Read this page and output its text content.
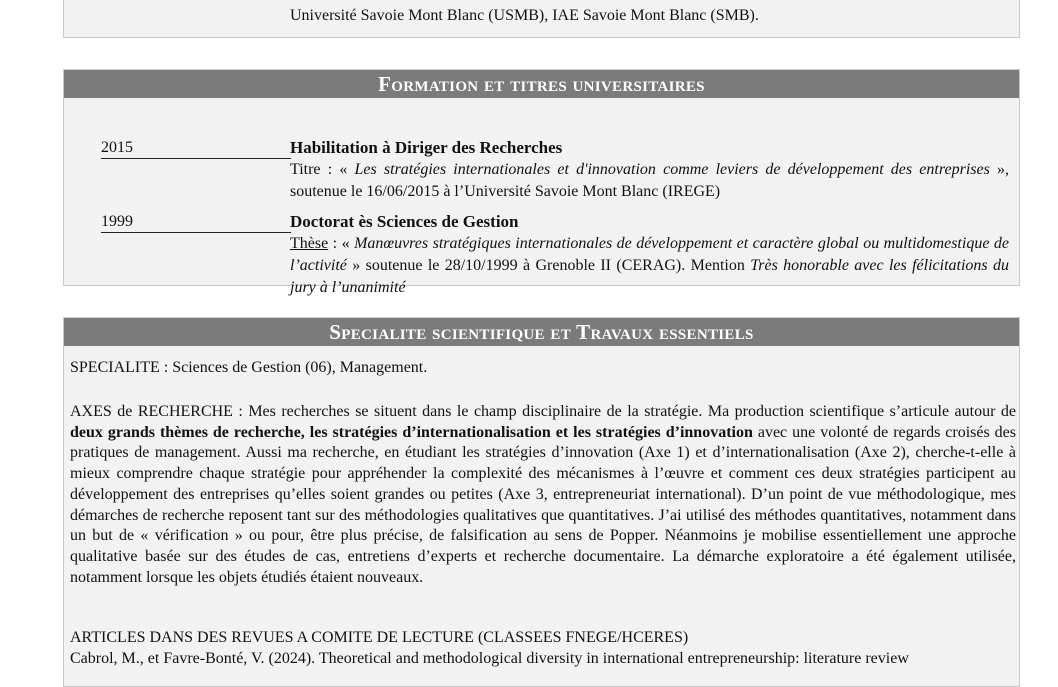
Université Savoie Mont Blanc (USMB), IAE Savoie Mont Blanc (SMB).
Formation et titres universitaires
2015	Habilitation à Diriger des Recherches
Titre : « Les stratégies internationales et d'innovation comme leviers de développement des entreprises », soutenue le 16/06/2015 à l’Université Savoie Mont Blanc (IREGE)
1999	Doctorat ès Sciences de Gestion
Thèse : « Manœuvres stratégiques internationales de développement et caractère global ou multidomestique de l’activité » soutenue le 28/10/1999 à Grenoble II (CERAG). Mention Très honorable avec les félicitations du jury à l’unanimité
Specialite scientifique et Travaux essentiels
SPECIALITE : Sciences de Gestion (06), Management.

AXES de RECHERCHE : Mes recherches se situent dans le champ disciplinaire de la stratégie. Ma production scientifique s’articule autour de deux grands thèmes de recherche, les stratégies d’internationalisation et les stratégies d’innovation avec une volonté de regards croisés des pratiques de management. Aussi ma recherche, en étudiant les stratégies d’innovation (Axe 1) et d’internationalisation (Axe 2), cherche-t-elle à mieux comprendre chaque stratégie pour appréhender la complexité des mécanismes à l’œuvre et comment ces deux stratégies participent au développement des entreprises qu’elles soient grandes ou petites (Axe 3, entrepreneuriat international). D’un point de vue méthodologique, mes démarches de recherche reposent tant sur des méthodologies qualitatives que quantitatives. J’ai utilisé des méthodes quantitatives, notamment dans un but de « vérification » ou pour, être plus précise, de falsification au sens de Popper. Néanmoins je mobilise essentiellement une approche qualitative basée sur des études de cas, entretiens d’experts et recherche documentaire. La démarche exploratoire a été également utilisée, notamment lorsque les objets étudiés étaient nouveaux.

ARTICLES DANS DES REVUES A COMITE DE LECTURE (CLASSEES FNEGE/HCERES)
Cabrol, M., et Favre-Bonté, V. (2024). Theoretical and methodological diversity in international entrepreneurship: literature review
